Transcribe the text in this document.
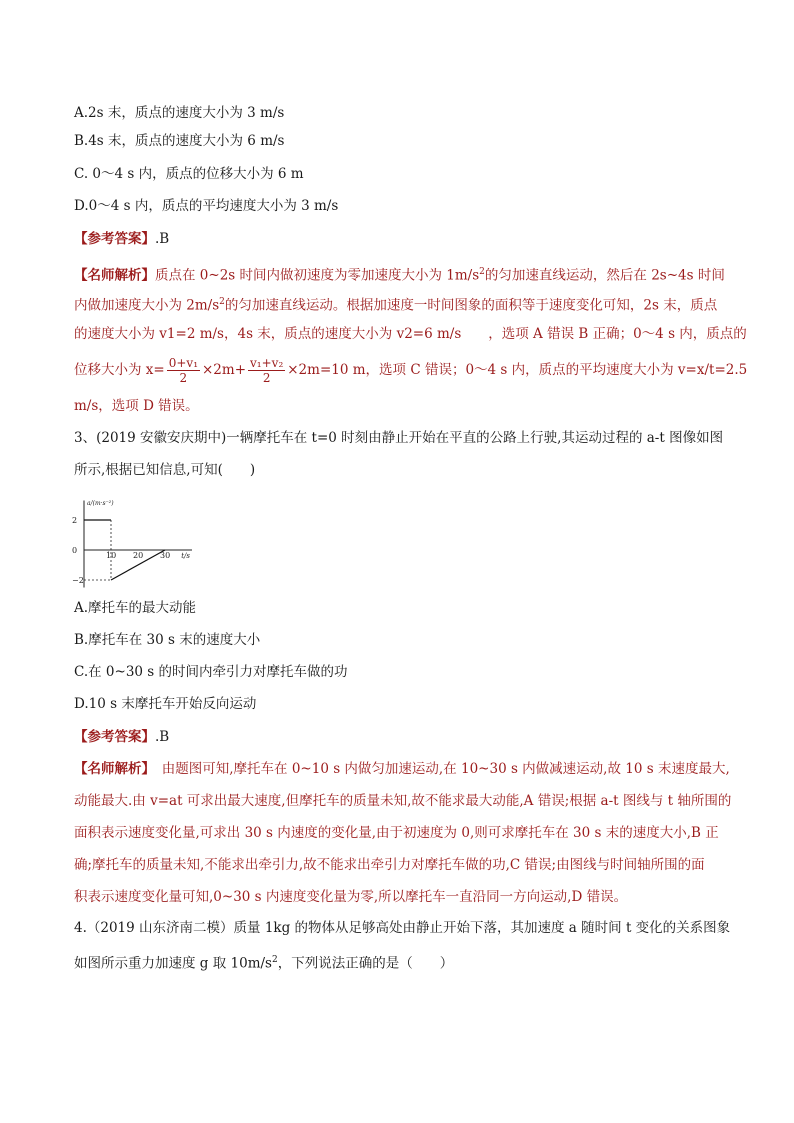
A.2s 末，质点的速度大小为 3 m/s
B.4s 末，质点的速度大小为 6 m/s
C. 0～4 s 内，质点的位移大小为 6 m
D.0～4 s 内，质点的平均速度大小为 3 m/s
【参考答案】.B
【名师解析】质点在 0~2s 时间内做初速度为零加速度大小为 $1m/s^2$的匀加速直线运动，然后在 2s~4s 时间
内做加速度大小为 $2m/s^2$的匀加速直线运动。根据加速度一时间图象的面积等于速度变化可知，2s 末，质点
的速度大小为 v1=2 m/s，4s 末，质点的速度大小为 v2=6 m/s　　，选项 A 错误 B 正确；0～4 s 内，质点的
位移大小为 $x= \frac{\text{0+v₁}}{2} \times 2m+ \frac{\text{v₁+v₂}}{2} \times 2m=10$ m，选项 C 错误；0～4 s 内，质点的平均速度大小为 v=x/t=2.5
m/s，选项 D 错误。
3、(2019 安徽安庆期中)一辆摩托车在 t=0 时刻由静止开始在平直的公路上行驶,其运动过程的 a-t 图像如图
所示,根据已知信息,可知(　　)
a/(m·s⁻²)
t/s
2
0
−2
10 20 30
A.摩托车的最大动能
B.摩托车在 30 s 末的速度大小
C.在 0~30 s 的时间内牵引力对摩托车做的功
D.10 s 末摩托车开始反向运动
【参考答案】.B
【名师解析】　由题图可知,摩托车在 0~10 s 内做匀加速运动,在 10~30 s 内做减速运动,故 10 s 末速度最大,
动能最大.由 v=at 可求出最大速度,但摩托车的质量未知,故不能求最大动能,A 错误;根据 a-t 图线与 t 轴所围的
面积表示速度变化量,可求出 30 s 内速度的变化量,由于初速度为 0,则可求摩托车在 30 s 末的速度大小,B 正
确;摩托车的质量未知,不能求出牵引力,故不能求出牵引力对摩托车做的功,C 错误;由图线与时间轴所围的面
积表示速度变化量可知,0~30 s 内速度变化量为零,所以摩托车一直沿同一方向运动,D 错误。
4.（2019 山东济南二模）质量 1kg 的物体从足够高处由静止开始下落，其加速度 a 随时间 t 变化的关系图象
如图所示重力加速度 g 取 $10m/s^2$，下列说法正确的是（　　）
